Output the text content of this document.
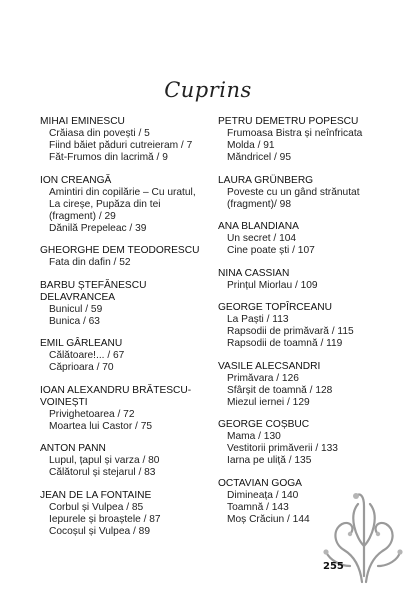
Cuprins
MIHAI EMINESCU
Crăiasa din povești / 5
Fiind băiet păduri cutreieram / 7
Făt-Frumos din lacrimă / 9
ION CREANGĂ
Amintiri din copilărie – Cu uratul,
La cireșe, Pupăza din tei
(fragment) / 29
Dănilă Prepeleac / 39
GHEORGHE DEM TEODORESCU
Fata din dafin / 52
BARBU ȘTEFĂNESCU DELAVRANCEA
Bunicul / 59
Bunica / 63
EMIL GÂRLEANU
Călătoare!... / 67
Căprioara / 70
IOAN ALEXANDRU BRĂTESCU-
VOINEȘTI
Privighetoarea / 72
Moartea lui Castor / 75
ANTON PANN
Lupul, țapul și varza / 80
Călătorul și stejarul / 83
JEAN DE LA FONTAINE
Corbul și Vulpea / 85
Iepurele și broaștele / 87
Cocoșul și Vulpea / 89
PETRU DEMETRU POPESCU
Frumoasa Bistra și neînfricata
Molda / 91
Măndricel / 95
LAURA GRÜNBERG
Poveste cu un gând strănutat
(fragment)/ 98
ANA BLANDIANA
Un secret / 104
Cine poate ști / 107
NINA CASSIAN
Prințul Miorlau / 109
GEORGE TOPÎRCEANU
La Paști / 113
Rapsodii de primăvară / 115
Rapsodii de toamnă / 119
VASILE ALECSANDRI
Primăvara / 126
Sfârșit de toamnă / 128
Miezul iernei / 129
GEORGE COȘBUC
Mama / 130
Vestitorii primăverii / 133
Iarna pe uliță / 135
OCTAVIAN GOGA
Dimineața / 140
Toamnă / 143
Moș Crăciun / 144
255
